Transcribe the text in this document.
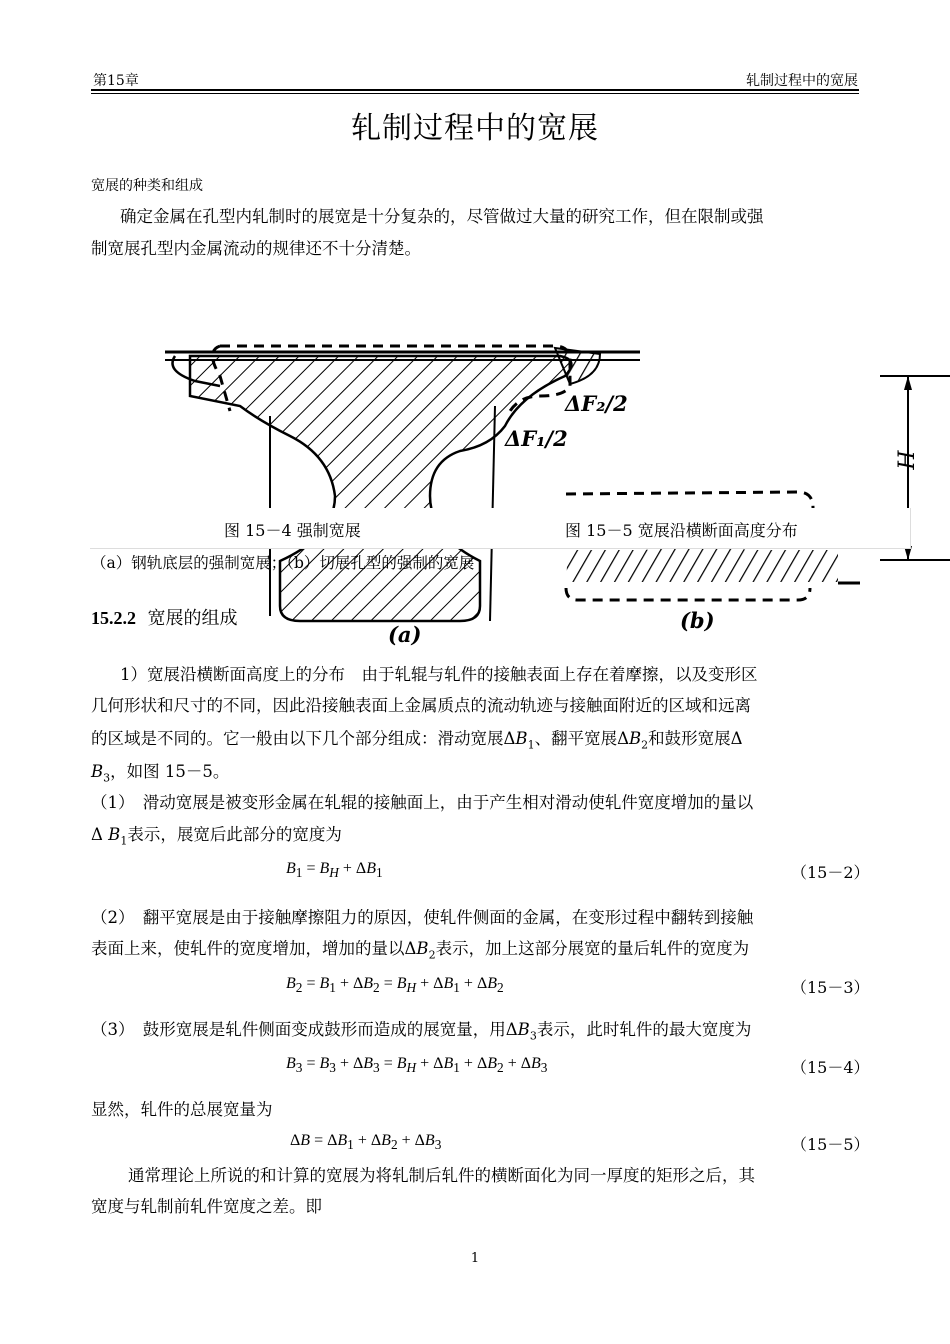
第15章	轧制过程中的宽展
轧制过程中的宽展
宽展的种类和组成
确定金属在孔型内轧制时的展宽是十分复杂的，尽管做过大量的研究工作，但在限制或强
制宽展孔型内金属流动的规律还不十分清楚。
ΔF₂/2
ΔF₁/2
(a)
(b)
H
图 15－4 强制宽展	图 15－5 宽展沿横断面高度分布
（a）钢轨底层的强制宽展；（b）切展孔型的强制的宽展
15.2.2 宽展的组成
1）宽展沿横断面高度上的分布　由于轧辊与轧件的接触表面上存在着摩擦，以及变形区
几何形状和尺寸的不同，因此沿接触表面上金属质点的流动轨迹与接触面附近的区域和远离
的区域是不同的。它一般由以下几个部分组成：滑动宽展$\Delta B_1$、翻平宽展$\Delta B_2$和鼓形宽展Δ
$B_3$，如图 15－5。
（1）　滑动宽展是被变形金属在轧辊的接触面上，由于产生相对滑动使轧件宽度增加的量以
Δ $B_1$表示，展宽后此部分的宽度为
$B_1 = B_H + \Delta B_1$	（15－2）
（2）　翻平宽展是由于接触摩擦阻力的原因，使轧件侧面的金属，在变形过程中翻转到接触
表面上来，使轧件的宽度增加，增加的量以$\Delta B_2$表示，加上这部分展宽的量后轧件的宽度为
$B_2 = B_1 + \Delta B_2 = B_H + \Delta B_1 + \Delta B_2$	（15－3）
（3）　鼓形宽展是轧件侧面变成鼓形而造成的展宽量，用$\Delta B_3$表示，此时轧件的最大宽度为
$B_3 = B_3 + \Delta B_3 = B_H + \Delta B_1 + \Delta B_2 + \Delta B_3$	（15－4）
显然，轧件的总展宽量为
$\Delta B = \Delta B_1 + \Delta B_2 + \Delta B_3$	（15－5）
通常理论上所说的和计算的宽展为将轧制后轧件的横断面化为同一厚度的矩形之后，其
宽度与轧制前轧件宽度之差。即
1
